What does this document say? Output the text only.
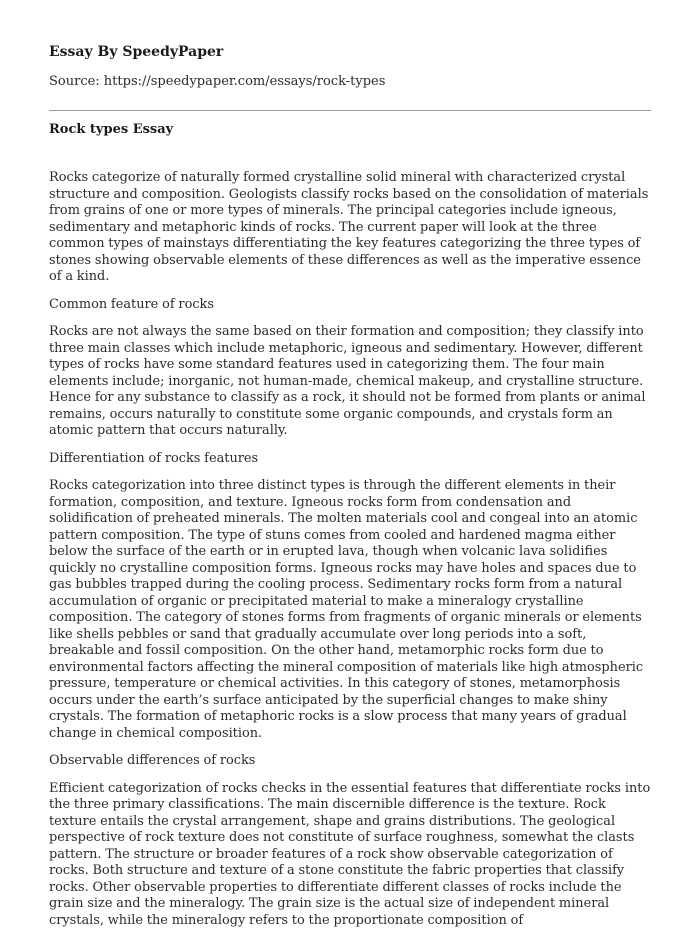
Essay By SpeedyPaper

Source: https://speedypaper.com/essays/rock-types

Rock types Essay

Rocks categorize of naturally formed crystalline solid mineral with characterized crystal structure and composition. Geologists classify rocks based on the consolidation of materials from grains of one or more types of minerals. The principal categories include igneous, sedimentary and metaphoric kinds of rocks. The current paper will look at the three common types of mainstays differentiating the key features categorizing the three types of stones showing observable elements of these differences as well as the imperative essence of a kind.

Common feature of rocks

Rocks are not always the same based on their formation and composition; they classify into three main classes which include metaphoric, igneous and sedimentary. However, different types of rocks have some standard features used in categorizing them. The four main elements include; inorganic, not human-made, chemical makeup, and crystalline structure. Hence for any substance to classify as a rock, it should not be formed from plants or animal remains, occurs naturally to constitute some organic compounds, and crystals form an atomic pattern that occurs naturally.

Differentiation of rocks features

Rocks categorization into three distinct types is through the different elements in their formation, composition, and texture. Igneous rocks form from condensation and solidification of preheated minerals. The molten materials cool and congeal into an atomic pattern composition. The type of stuns comes from cooled and hardened magma either below the surface of the earth or in erupted lava, though when volcanic lava solidifies quickly no crystalline composition forms. Igneous rocks may have holes and spaces due to gas bubbles trapped during the cooling process. Sedimentary rocks form from a natural accumulation of organic or precipitated material to make a mineralogy crystalline composition. The category of stones forms from fragments of organic minerals or elements like shells pebbles or sand that gradually accumulate over long periods into a soft, breakable and fossil composition. On the other hand, metamorphic rocks form due to environmental factors affecting the mineral composition of materials like high atmospheric pressure, temperature or chemical activities. In this category of stones, metamorphosis occurs under the earth’s surface anticipated by the superficial changes to make shiny crystals. The formation of metaphoric rocks is a slow process that many years of gradual change in chemical composition.

Observable differences of rocks

Efficient categorization of rocks checks in the essential features that differentiate rocks into the three primary classifications. The main discernible difference is the texture. Rock texture entails the crystal arrangement, shape and grains distributions. The geological perspective of rock texture does not constitute of surface roughness, somewhat the clasts pattern. The structure or broader features of a rock show observable categorization of rocks. Both structure and texture of a stone constitute the fabric properties that classify rocks. Other observable properties to differentiate different classes of rocks include the grain size and the mineralogy. The grain size is the actual size of independent mineral crystals, while the mineralogy refers to the proportionate composition of
